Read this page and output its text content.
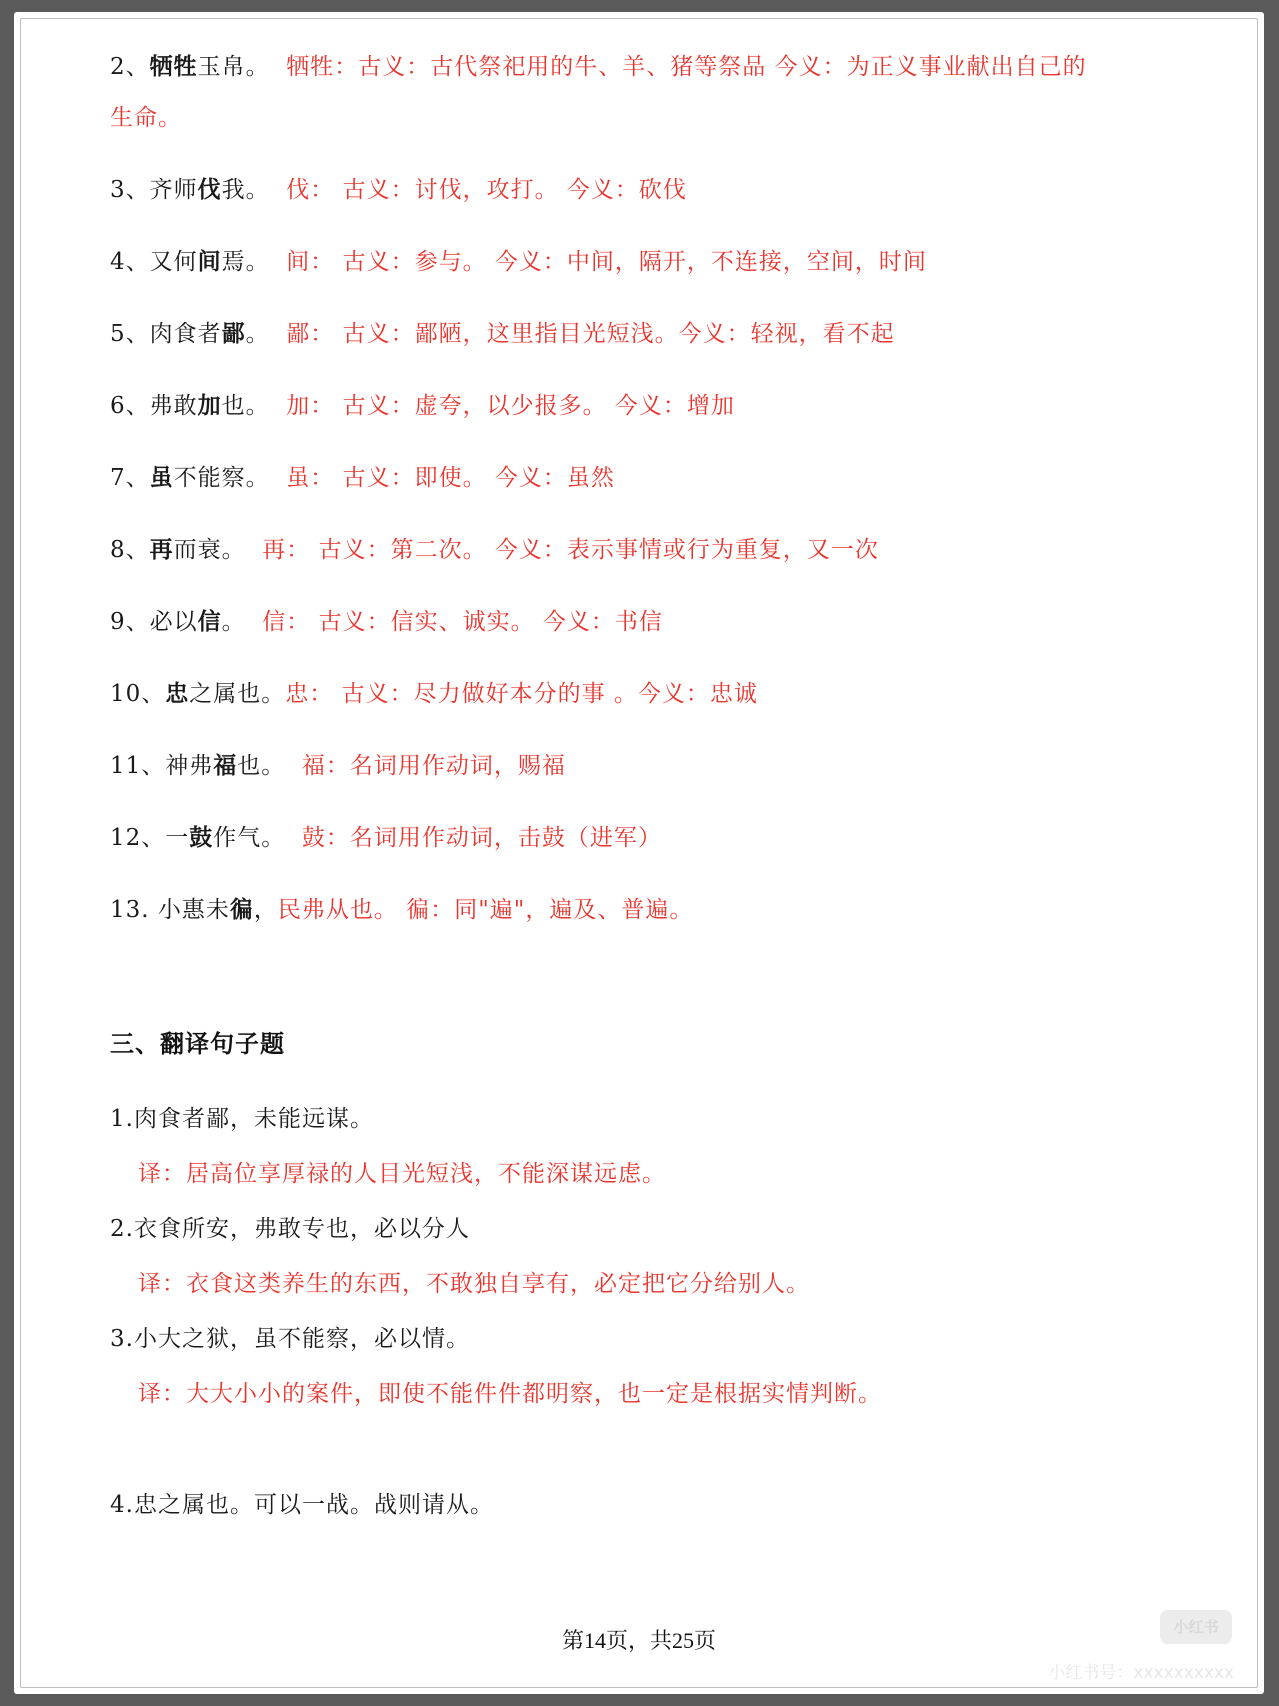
2、牺牲玉帛。 牺牲：古义：古代祭祀用的牛、羊、猪等祭品 今义：为正义事业献出自己的
生命。
3、齐师伐我。 伐： 古义：讨伐，攻打。 今义：砍伐
4、又何间焉。 间： 古义：参与。 今义：中间，隔开，不连接，空间，时间
5、肉食者鄙。 鄙： 古义：鄙陋，这里指目光短浅。今义：轻视，看不起
6、弗敢加也。 加： 古义：虚夸，以少报多。 今义：增加
7、虽不能察。 虽： 古义：即使。 今义：虽然
8、再而衰。 再： 古义：第二次。 今义：表示事情或行为重复，又一次
9、必以信。 信： 古义：信实、诚实。 今义：书信
10、忠之属也。忠： 古义：尽力做好本分的事 。今义：忠诚
11、神弗福也。 福：名词用作动词，赐福
12、一鼓作气。 鼓：名词用作动词，击鼓（进军）
13. 小惠未徧，民弗从也。 徧：同"遍"，遍及、普遍。
三、翻译句子题
1.肉食者鄙，未能远谋。
译：居高位享厚禄的人目光短浅，不能深谋远虑。
2.衣食所安，弗敢专也，必以分人
译：衣食这类养生的东西，不敢独自享有，必定把它分给别人。
3.小大之狱，虽不能察，必以情。
译：大大小小的案件，即使不能件件都明察，也一定是根据实情判断。
4.忠之属也。可以一战。战则请从。
第14页，共25页
小红书
小红书号：xxxxxxxxxx
